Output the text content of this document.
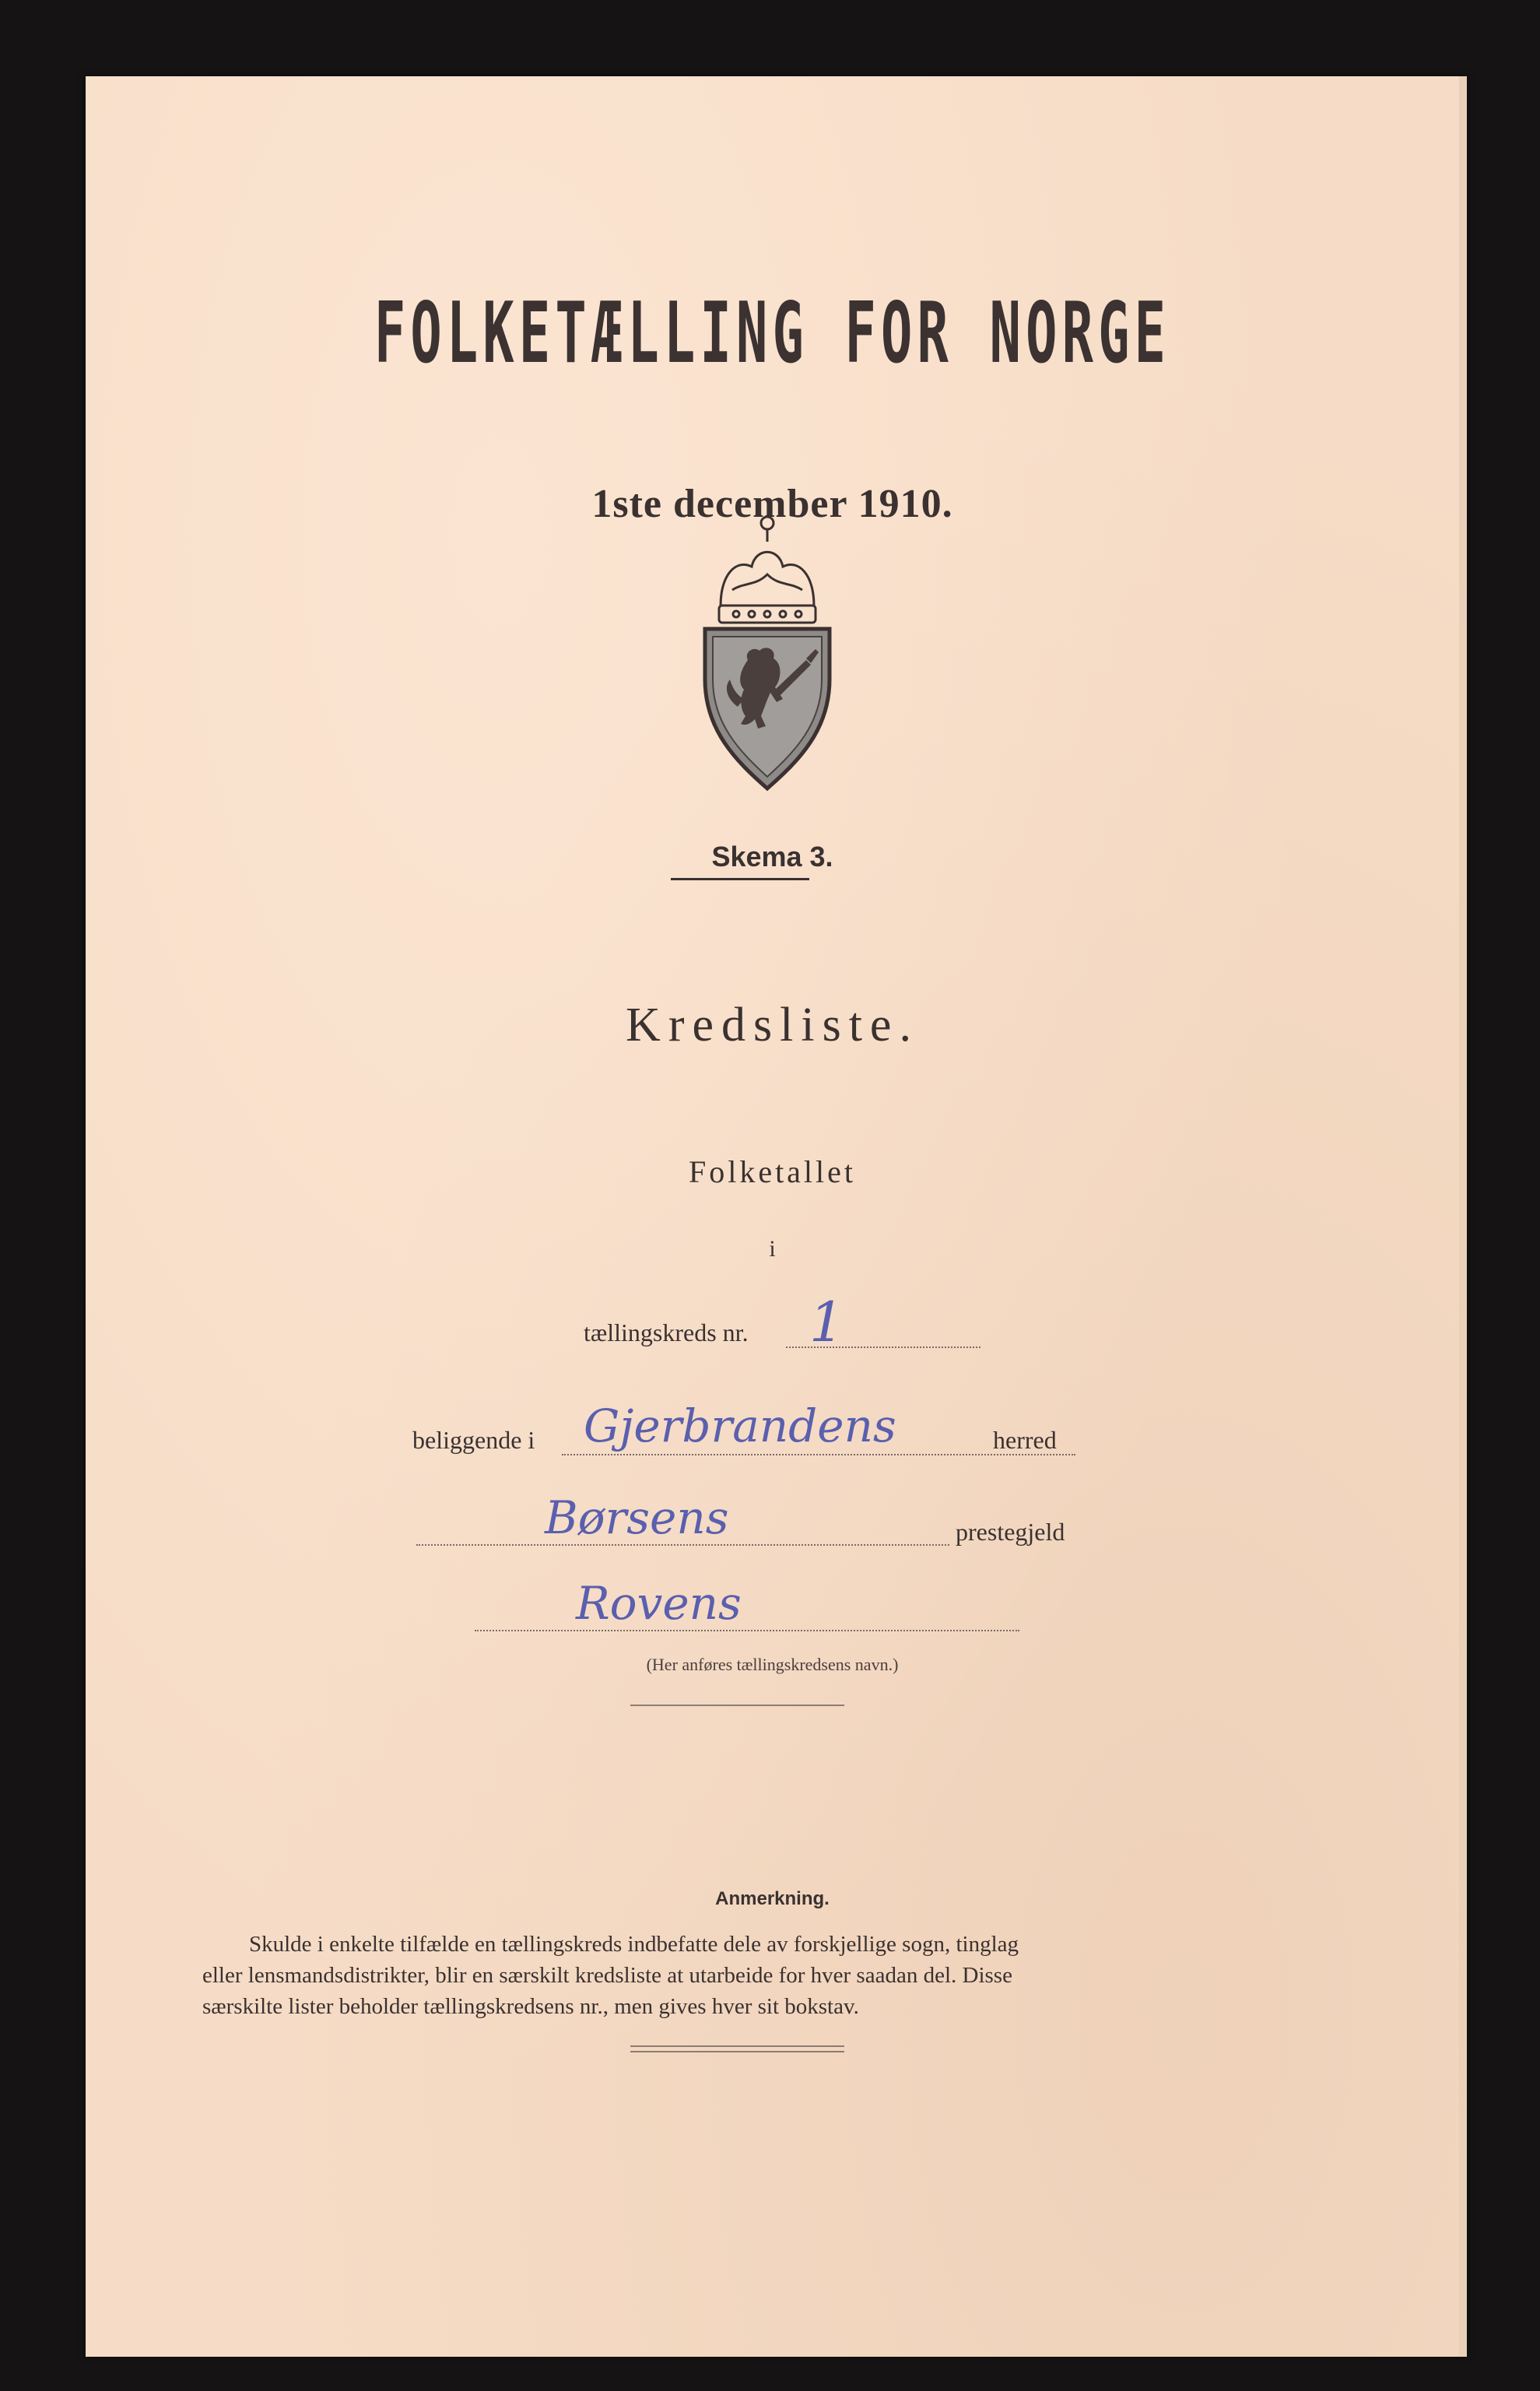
FOLKETÆLLING FOR NORGE
1ste december 1910.
Skema 3.
Kredsliste.
Folketallet
i
tællingskreds nr. 1
beliggende i Gjerbrandens	herred
Børsens	prestegjeld
Rovens
(Her anføres tællingskredsens navn.)
Anmerkning.

Skulde i enkelte tilfælde en tællingskreds indbefatte dele av forskjellige sogn, tinglag

eller lensmandsdistrikter, blir en særskilt kredsliste at utarbeide for hver saadan del. Disse

særskilte lister beholder tællingskredsens nr., men gives hver sit bokstav.
